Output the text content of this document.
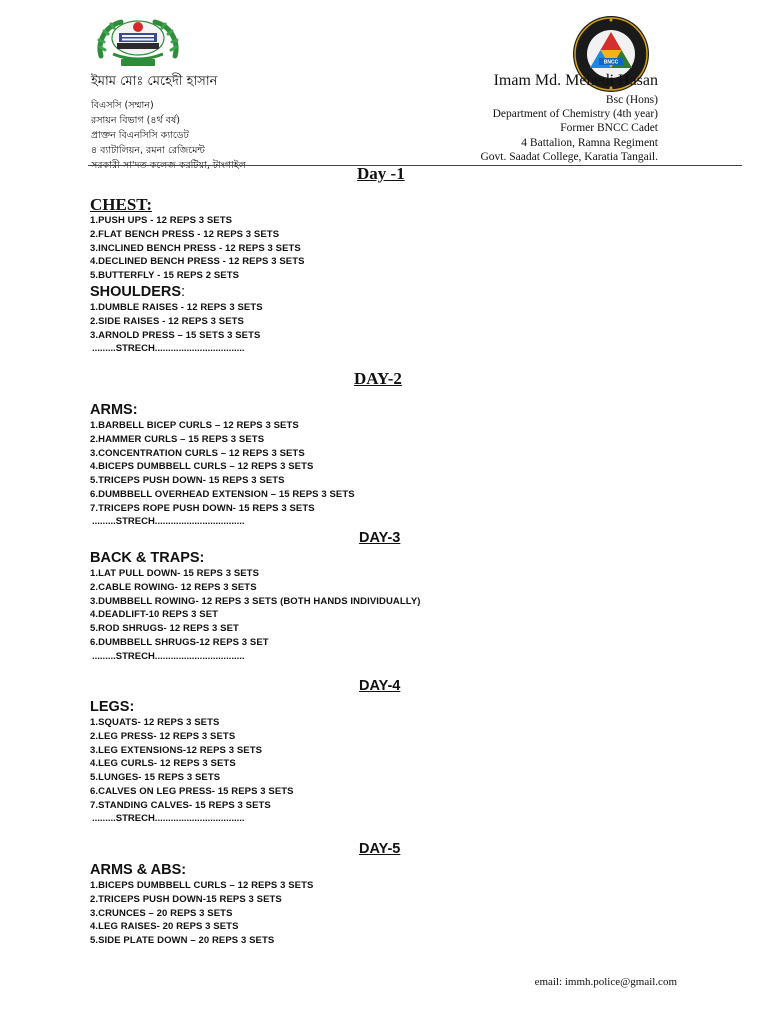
BNCC
ইমাম মোঃ মেহেদী হাসান
বিএসসি (সম্মান)
রসায়ন বিভাগ (৪র্থ বর্ষ)
প্রাক্তন বিএনসিসি ক্যাডেট
৪ ব্যাটালিয়ন, রমনা রেজিমেন্ট
সরকারী সা'দত কলেজ করটিয়া, টাংগাইল
Imam Md. Mehedi Hasan
Bsc (Hons)
Department of Chemistry (4th year)
Former BNCC Cadet
4 Battalion, Ramna Regiment
Govt. Saadat College, Karatia Tangail.
Day -1
CHEST:
1.PUSH UPS - 12 REPS 3 SETS
2.FLAT BENCH PRESS - 12 REPS 3 SETS
3.INCLINED BENCH PRESS - 12 REPS 3 SETS
4.DECLINED BENCH PRESS - 12 REPS 3 SETS
5.BUTTERFLY - 15 REPS 2 SETS
SHOULDERS:
1.DUMBLE RAISES - 12 REPS 3 SETS
2.SIDE RAISES - 12 REPS 3 SETS
3.ARNOLD PRESS – 15 SETS 3 SETS
.........STRECH..................................
DAY-2
ARMS:
1.BARBELL BICEP CURLS – 12 REPS 3 SETS
2.HAMMER CURLS – 15 REPS 3 SETS
3.CONCENTRATION CURLS – 12 REPS 3 SETS
4.BICEPS DUMBBELL CURLS – 12 REPS 3 SETS
5.TRICEPS PUSH DOWN- 15 REPS 3 SETS
6.DUMBBELL OVERHEAD EXTENSION – 15 REPS 3 SETS
7.TRICEPS ROPE PUSH DOWN- 15 REPS 3 SETS
.........STRECH..................................
DAY-3
BACK & TRAPS:
1.LAT PULL DOWN- 15 REPS 3 SETS
2.CABLE ROWING- 12 REPS 3 SETS
3.DUMBBELL ROWING- 12 REPS 3 SETS (BOTH HANDS INDIVIDUALLY)
4.DEADLIFT-10 REPS 3 SET
5.ROD SHRUGS- 12 REPS 3 SET
6.DUMBBELL SHRUGS-12 REPS 3 SET
.........STRECH..................................
DAY-4
LEGS:
1.SQUATS- 12 REPS 3 SETS
2.LEG PRESS- 12 REPS 3 SETS
3.LEG EXTENSIONS-12 REPS 3 SETS
4.LEG CURLS- 12 REPS 3 SETS
5.LUNGES- 15 REPS 3 SETS
6.CALVES ON LEG PRESS- 15 REPS 3 SETS
7.STANDING CALVES- 15 REPS 3 SETS
.........STRECH..................................
DAY-5
ARMS & ABS:
1.BICEPS DUMBBELL CURLS – 12 REPS 3 SETS
2.TRICEPS PUSH DOWN-15 REPS 3 SETS
3.CRUNCES – 20 REPS 3 SETS
4.LEG RAISES- 20 REPS 3 SETS
5.SIDE PLATE DOWN – 20 REPS 3 SETS
email: immh.police@gmail.com
